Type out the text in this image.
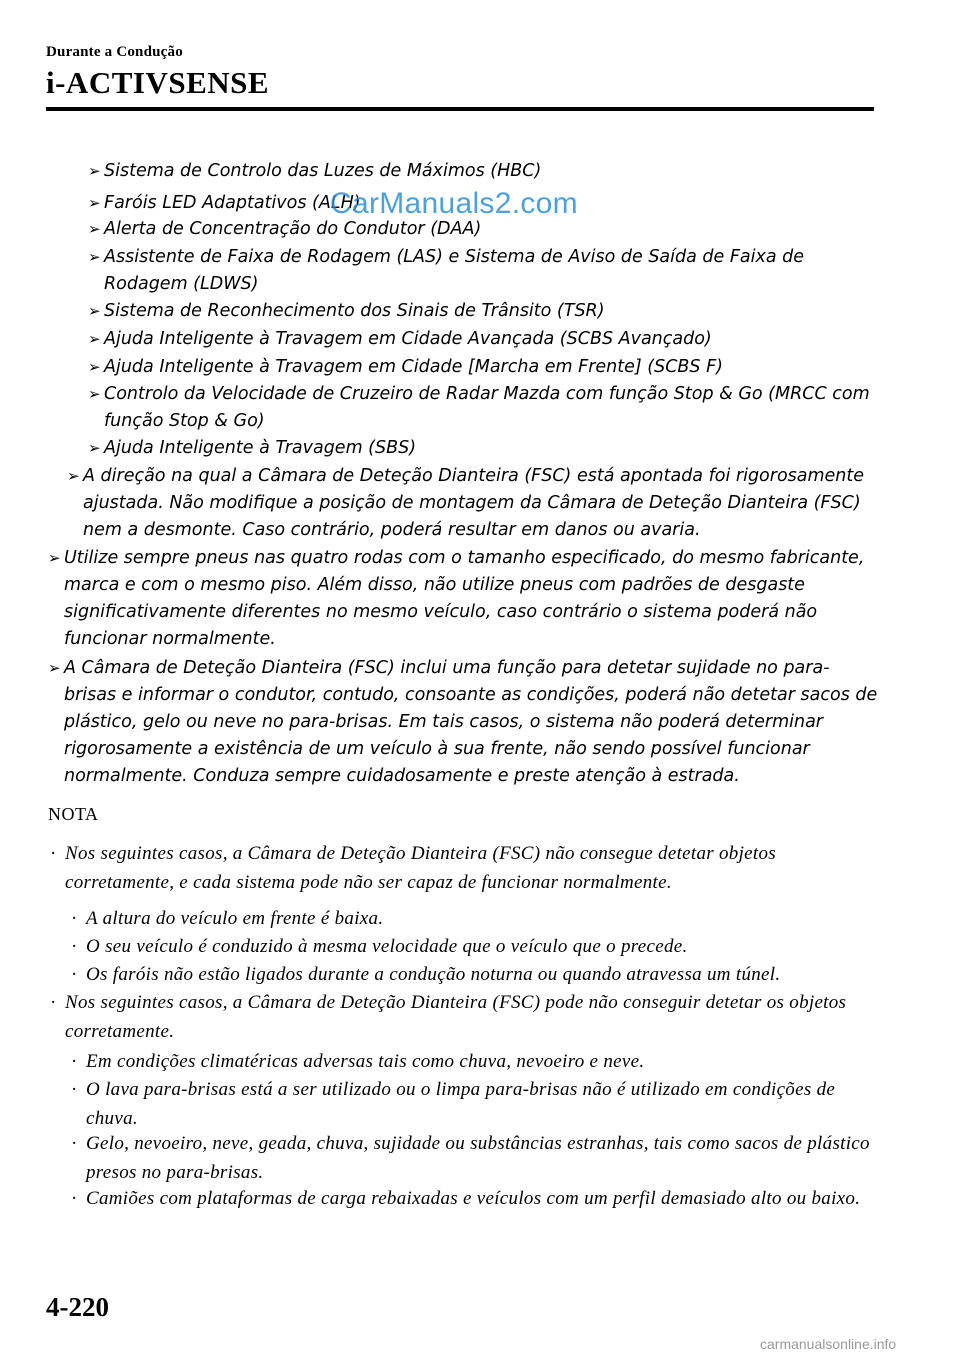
Durante a Condução
i-ACTIVSENSE
➢ Sistema de Controlo das Luzes de Máximos (HBC)
➢ Faróis LED Adaptativos (ALH)
➢ Alerta de Concentração do Condutor (DAA)
➢ Assistente de Faixa de Rodagem (LAS) e Sistema de Aviso de Saída de Faixa de Rodagem (LDWS)
➢ Sistema de Reconhecimento dos Sinais de Trânsito (TSR)
➢ Ajuda Inteligente à Travagem em Cidade Avançada (SCBS Avançado)
➢ Ajuda Inteligente à Travagem em Cidade [Marcha em Frente] (SCBS F)
➢ Controlo da Velocidade de Cruzeiro de Radar Mazda com função Stop & Go (MRCC com função Stop & Go)
➢ Ajuda Inteligente à Travagem (SBS)
➢ A direção na qual a Câmara de Deteção Dianteira (FSC) está apontada foi rigorosamente ajustada. Não modifique a posição de montagem da Câmara de Deteção Dianteira (FSC) nem a desmonte. Caso contrário, poderá resultar em danos ou avaria.
➢ Utilize sempre pneus nas quatro rodas com o tamanho especificado, do mesmo fabricante, marca e com o mesmo piso. Além disso, não utilize pneus com padrões de desgaste significativamente diferentes no mesmo veículo, caso contrário o sistema poderá não funcionar normalmente.
➢ A Câmara de Deteção Dianteira (FSC) inclui uma função para detetar sujidade no para-brisas e informar o condutor, contudo, consoante as condições, poderá não detetar sacos de plástico, gelo ou neve no para-brisas. Em tais casos, o sistema não poderá determinar rigorosamente a existência de um veículo à sua frente, não sendo possível funcionar normalmente. Conduza sempre cuidadosamente e preste atenção à estrada.
CarManuals2.com
NOTA
· Nos seguintes casos, a Câmara de Deteção Dianteira (FSC) não consegue detetar objetos corretamente, e cada sistema pode não ser capaz de funcionar normalmente.
· A altura do veículo em frente é baixa.
· O seu veículo é conduzido à mesma velocidade que o veículo que o precede.
· Os faróis não estão ligados durante a condução noturna ou quando atravessa um túnel.
· Nos seguintes casos, a Câmara de Deteção Dianteira (FSC) pode não conseguir detetar os objetos corretamente.
· Em condições climatéricas adversas tais como chuva, nevoeiro e neve.
· O lava para-brisas está a ser utilizado ou o limpa para-brisas não é utilizado em condições de chuva.
· Gelo, nevoeiro, neve, geada, chuva, sujidade ou substâncias estranhas, tais como sacos de plástico presos no para-brisas.
· Camiões com plataformas de carga rebaixadas e veículos com um perfil demasiado alto ou baixo.
4-220
carmanualsonline.info
